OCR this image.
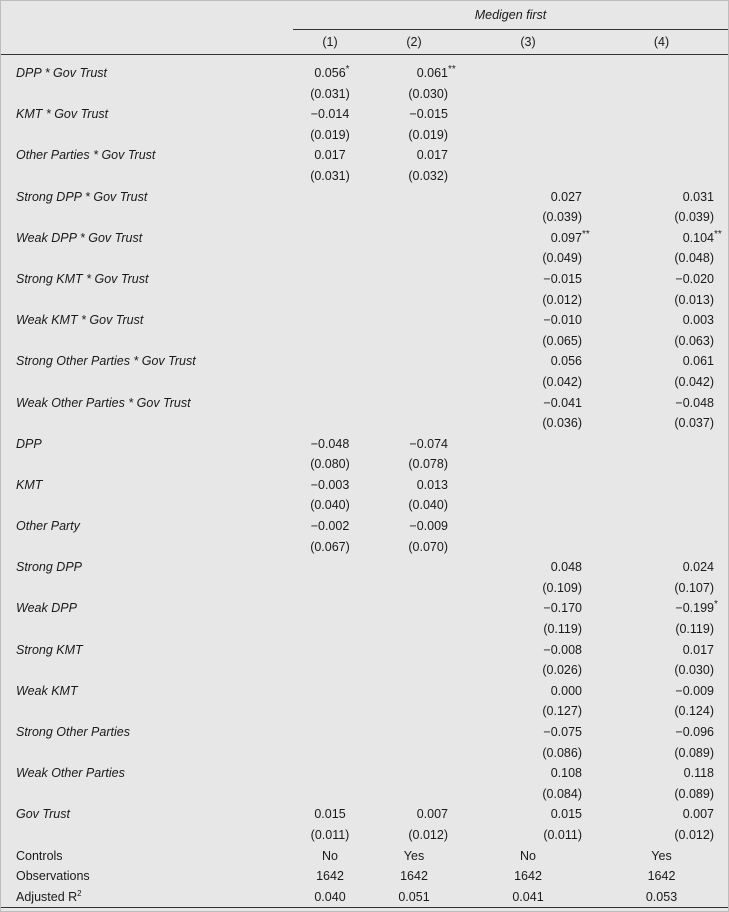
	Medigen first			
	(1)	(2)	(3)	(4)

DPP * Gov Trust	0.056 *	0.061 **		

	(0.031)	(0.030)		
KMT * Gov Trust	−0.014	−0.015		
	(0.019)	(0.019)		
Other Parties * Gov Trust	0.017	0.017		
	(0.031)	(0.032)		
Strong DPP * Gov Trust			0.027	0.031
			(0.039)	(0.039)
Weak DPP * Gov Trust			0.097 **	0.104 **

			(0.049)	(0.048)
Strong KMT * Gov Trust			−0.015	−0.020
			(0.012)	(0.013)
Weak KMT * Gov Trust			−0.010	0.003
			(0.065)	(0.063)
Strong Other Parties * Gov Trust			0.056	0.061
			(0.042)	(0.042)
Weak Other Parties * Gov Trust			−0.041	−0.048
			(0.036)	(0.037)
DPP	−0.048	−0.074		
	(0.080)	(0.078)		
KMT	−0.003	0.013		
	(0.040)	(0.040)		
Other Party	−0.002	−0.009		
	(0.067)	(0.070)		
Strong DPP			0.048	0.024
			(0.109)	(0.107)
Weak DPP			−0.170	−0.199 *

			(0.119)	(0.119)
Strong KMT			−0.008	0.017
			(0.026)	(0.030)
Weak KMT			0.000	−0.009
			(0.127)	(0.124)
Strong Other Parties			−0.075	−0.096
			(0.086)	(0.089)
Weak Other Parties			0.108	0.118
			(0.084)	(0.089)
Gov Trust	0.015	0.007	0.015	0.007
	(0.011)	(0.012)	(0.011)	(0.012)
Controls	No	Yes	No	Yes
Observations	1642	1642	1642	1642
Adjusted $R^2$	0.040	0.051	0.041	0.053
